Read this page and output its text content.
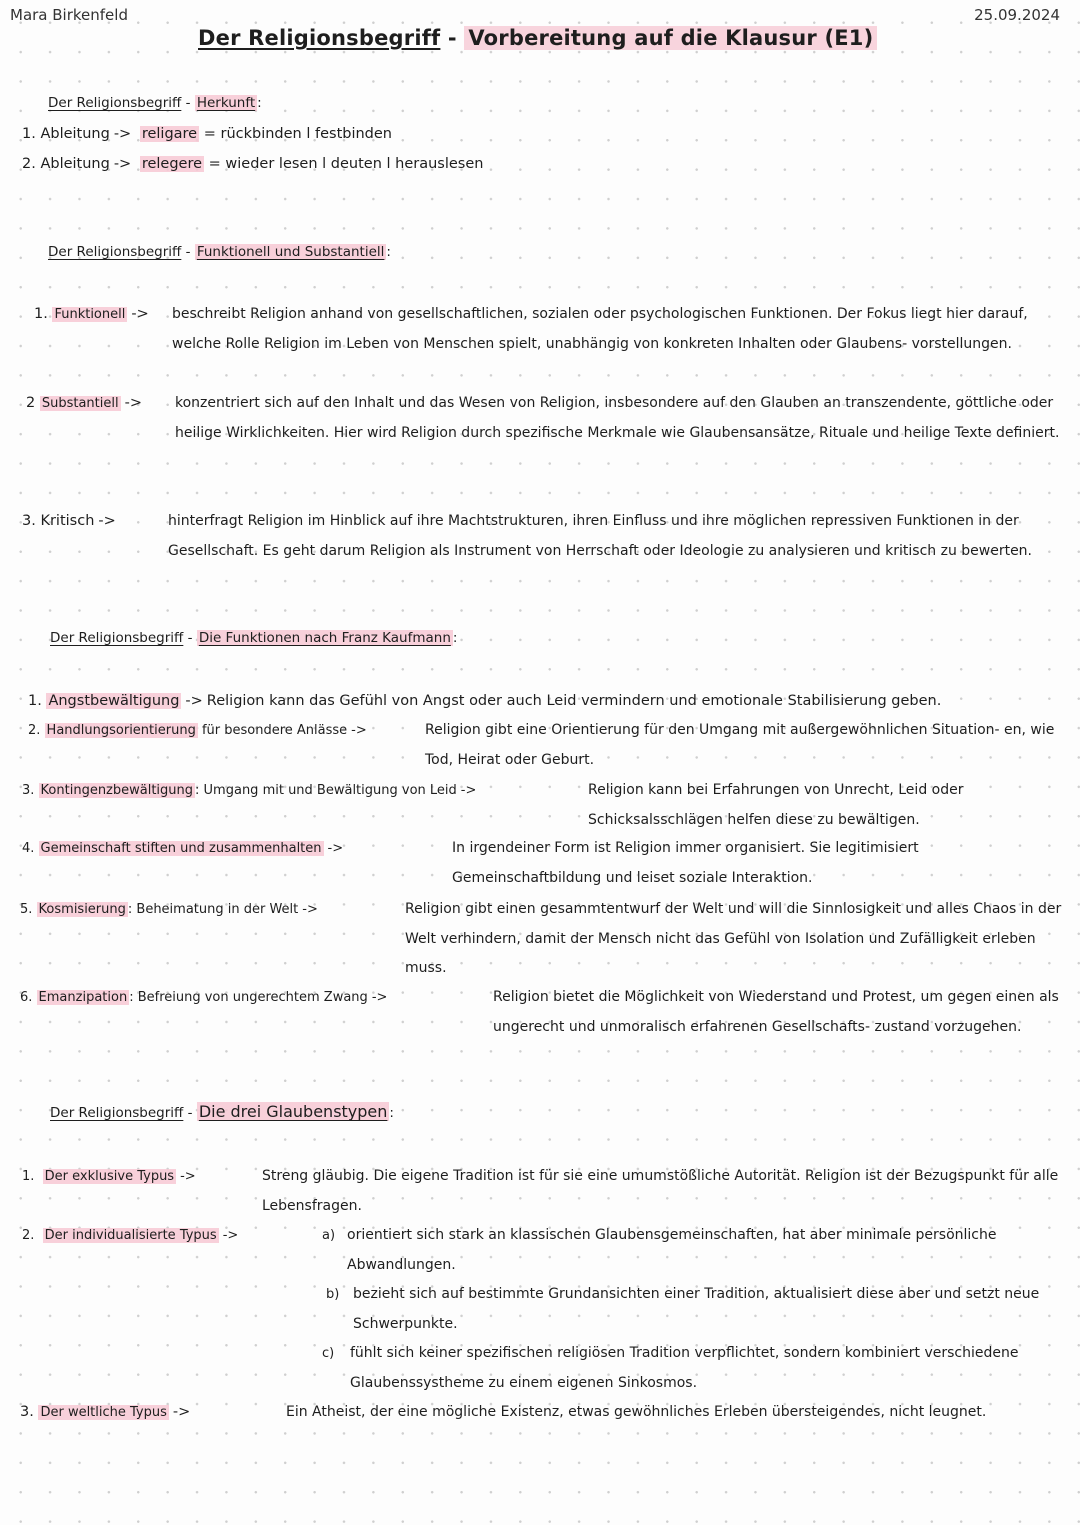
Mara Birkenfeld	25.09.2024
Der Religionsbegriff - Vorbereitung auf die Klausur (E1)
Der Religionsbegriff - Herkunft :
1. Ableitung -> religare = rückbinden l festbinden
2. Ableitung -> relegere = wieder lesen l deuten l herauslesen
Der Religionsbegriff - Funktionell und Substantiell :
1. Funktionell -> beschreibt Religion anhand von gesellschaftlichen, sozialen oder psychologischen Funktionen. Der Fokus liegt hier darauf, welche Rolle Religion im Leben von Menschen spielt, unabhängig von konkreten Inhalten oder Glaubens- vorstellungen.
2 Substantiell -> konzentriert sich auf den Inhalt und das Wesen von Religion, insbesondere auf den Glauben an transzendente, göttliche oder heilige Wirklichkeiten. Hier wird Religion durch spezifische Merkmale wie Glaubensansätze, Rituale und heilige Texte definiert.
3. Kritisch ->	hinterfragt Religion im Hinblick auf ihre Machtstrukturen, ihren Einfluss und ihre möglichen repressiven Funktionen in der Gesellschaft. Es geht darum Religion als Instrument von Herrschaft oder Ideologie zu analysieren und kritisch zu bewerten.
Der Religionsbegriff - Die Funktionen nach Franz Kaufmann :
1. Angstbewältigung -> Religion kann das Gefühl von Angst oder auch Leid vermindern und emotionale Stabilisierung geben.
2. Handlungsorientierung für besondere Anlässe ->	Religion gibt eine Orientierung für den Umgang mit außergewöhnlichen Situation- en, wie Tod, Heirat oder Geburt.
3. Kontingenzbewältigung : Umgang mit und Bewältigung von Leid ->	Religion kann bei Erfahrungen von Unrecht, Leid oder Schicksalsschlägen helfen diese zu bewältigen.
4. Gemeinschaft stiften und zusammenhalten ->	In irgendeiner Form ist Religion immer organisiert. Sie legitimisiert Gemeinschaftbildung und leiset soziale Interaktion.
5. Kosmisierung : Beheimatung in der Welt ->	Religion gibt einen gesammtentwurf der Welt und will die Sinnlosigkeit und alles Chaos in der Welt verhindern, damit der Mensch nicht das Gefühl von Isolation und Zufälligkeit erleben muss.
6. Emanzipation : Befreiung von ungerechtem Zwang ->	Religion bietet die Möglichkeit von Wiederstand und Protest, um gegen einen als ungerecht und unmoralisch erfahrenen Gesellschafts- zustand vorzugehen.
Der Religionsbegriff - Die drei Glaubenstypen :
1. Der exklusive Typus ->	Streng gläubig. Die eigene Tradition ist für sie eine umumstößliche Autorität. Religion ist der Bezugspunkt für alle Lebensfragen.
2. Der individualisierte Typus ->	a) orientiert sich stark an klassischen Glaubensgemeinschaften, hat aber minimale persönliche Abwandlungen.
b) bezieht sich auf bestimmte Grundansichten einer Tradition, aktualisiert diese aber und setzt neue Schwerpunkte.
c) fühlt sich keiner spezifischen religiösen Tradition verpflichtet, sondern kombiniert verschiedene Glaubenssystheme zu einem eigenen Sinkosmos.
3. Der weltliche Typus ->	Ein Atheist, der eine mögliche Existenz, etwas gewöhnliches Erleben übersteigendes, nicht leugnet.
